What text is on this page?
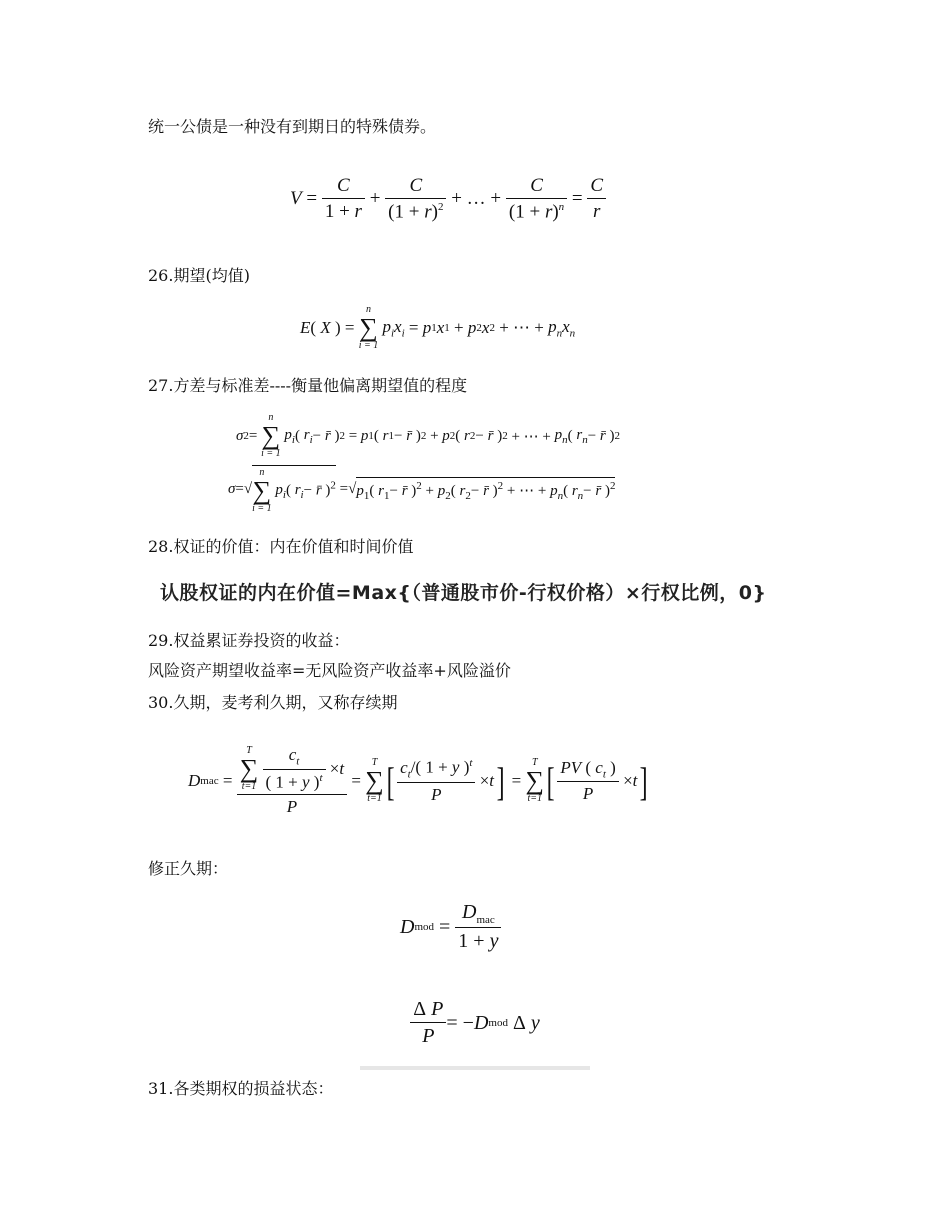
统一公债是一种没有到期日的特殊债券。
$V = \frac{C}{1 + r} + \frac{C}{(1 + r)^2}$ + … + $\frac{C}{(1 + r)^n} = \frac{C}{r}$
26.期望(均值)
E ( X ) =
n
∑
i = 1

$p_ix_i = p$ 1 x 1 + p 2 x 2 + ⋯ + $p_nx_n$
27.方差与标准差----衡量他偏离期望值的程度
σ 2 =
n
∑
i = 1

$p_i$ ( $r_i$ − r̄ ) 2 = p 1 ( r 1 − r̄ ) 2 + p 2 ( r 2 − r̄ ) 2 + ⋯ + $p_n$ ( $r_n$ − r̄ ) 2
σ =√
n
∑
i = 1
$p_i$( $r_i-$ r̄ )$^2$ =√ $p_1$( $r_1-$ r̄ )$^2 + p_2$( $r_2-$ r̄ )$^2$ + ⋯ + $p_n$( $r_n-$ r̄ )$^2$
28.权证的价值：内在价值和时间价值
认股权证的内在价值=Max{（普通股市价-行权价格）×行权比例，0}
29.权益累证券投资的收益：
风险资产期望收益率=无风险资产收益率+风险溢价
30.久期，麦考利久期，又称存续期
D mac = T
∑
t=1
$\frac{c_t}{( 1 + y )^t} \times t$
P =
T
∑
t=1 [ $\frac{c_t/( 1 + y )^t}{P} \times t$ ] =
T
∑
t=1 [ $\frac{PV ( c_t )}{P} \times t$ ]
修正久期：
D mod = $\frac{D_{mac}}{1 + y}$
$\frac{\text{Δ P}}{P}$ = − D mod Δ y
31.各类期权的损益状态：
